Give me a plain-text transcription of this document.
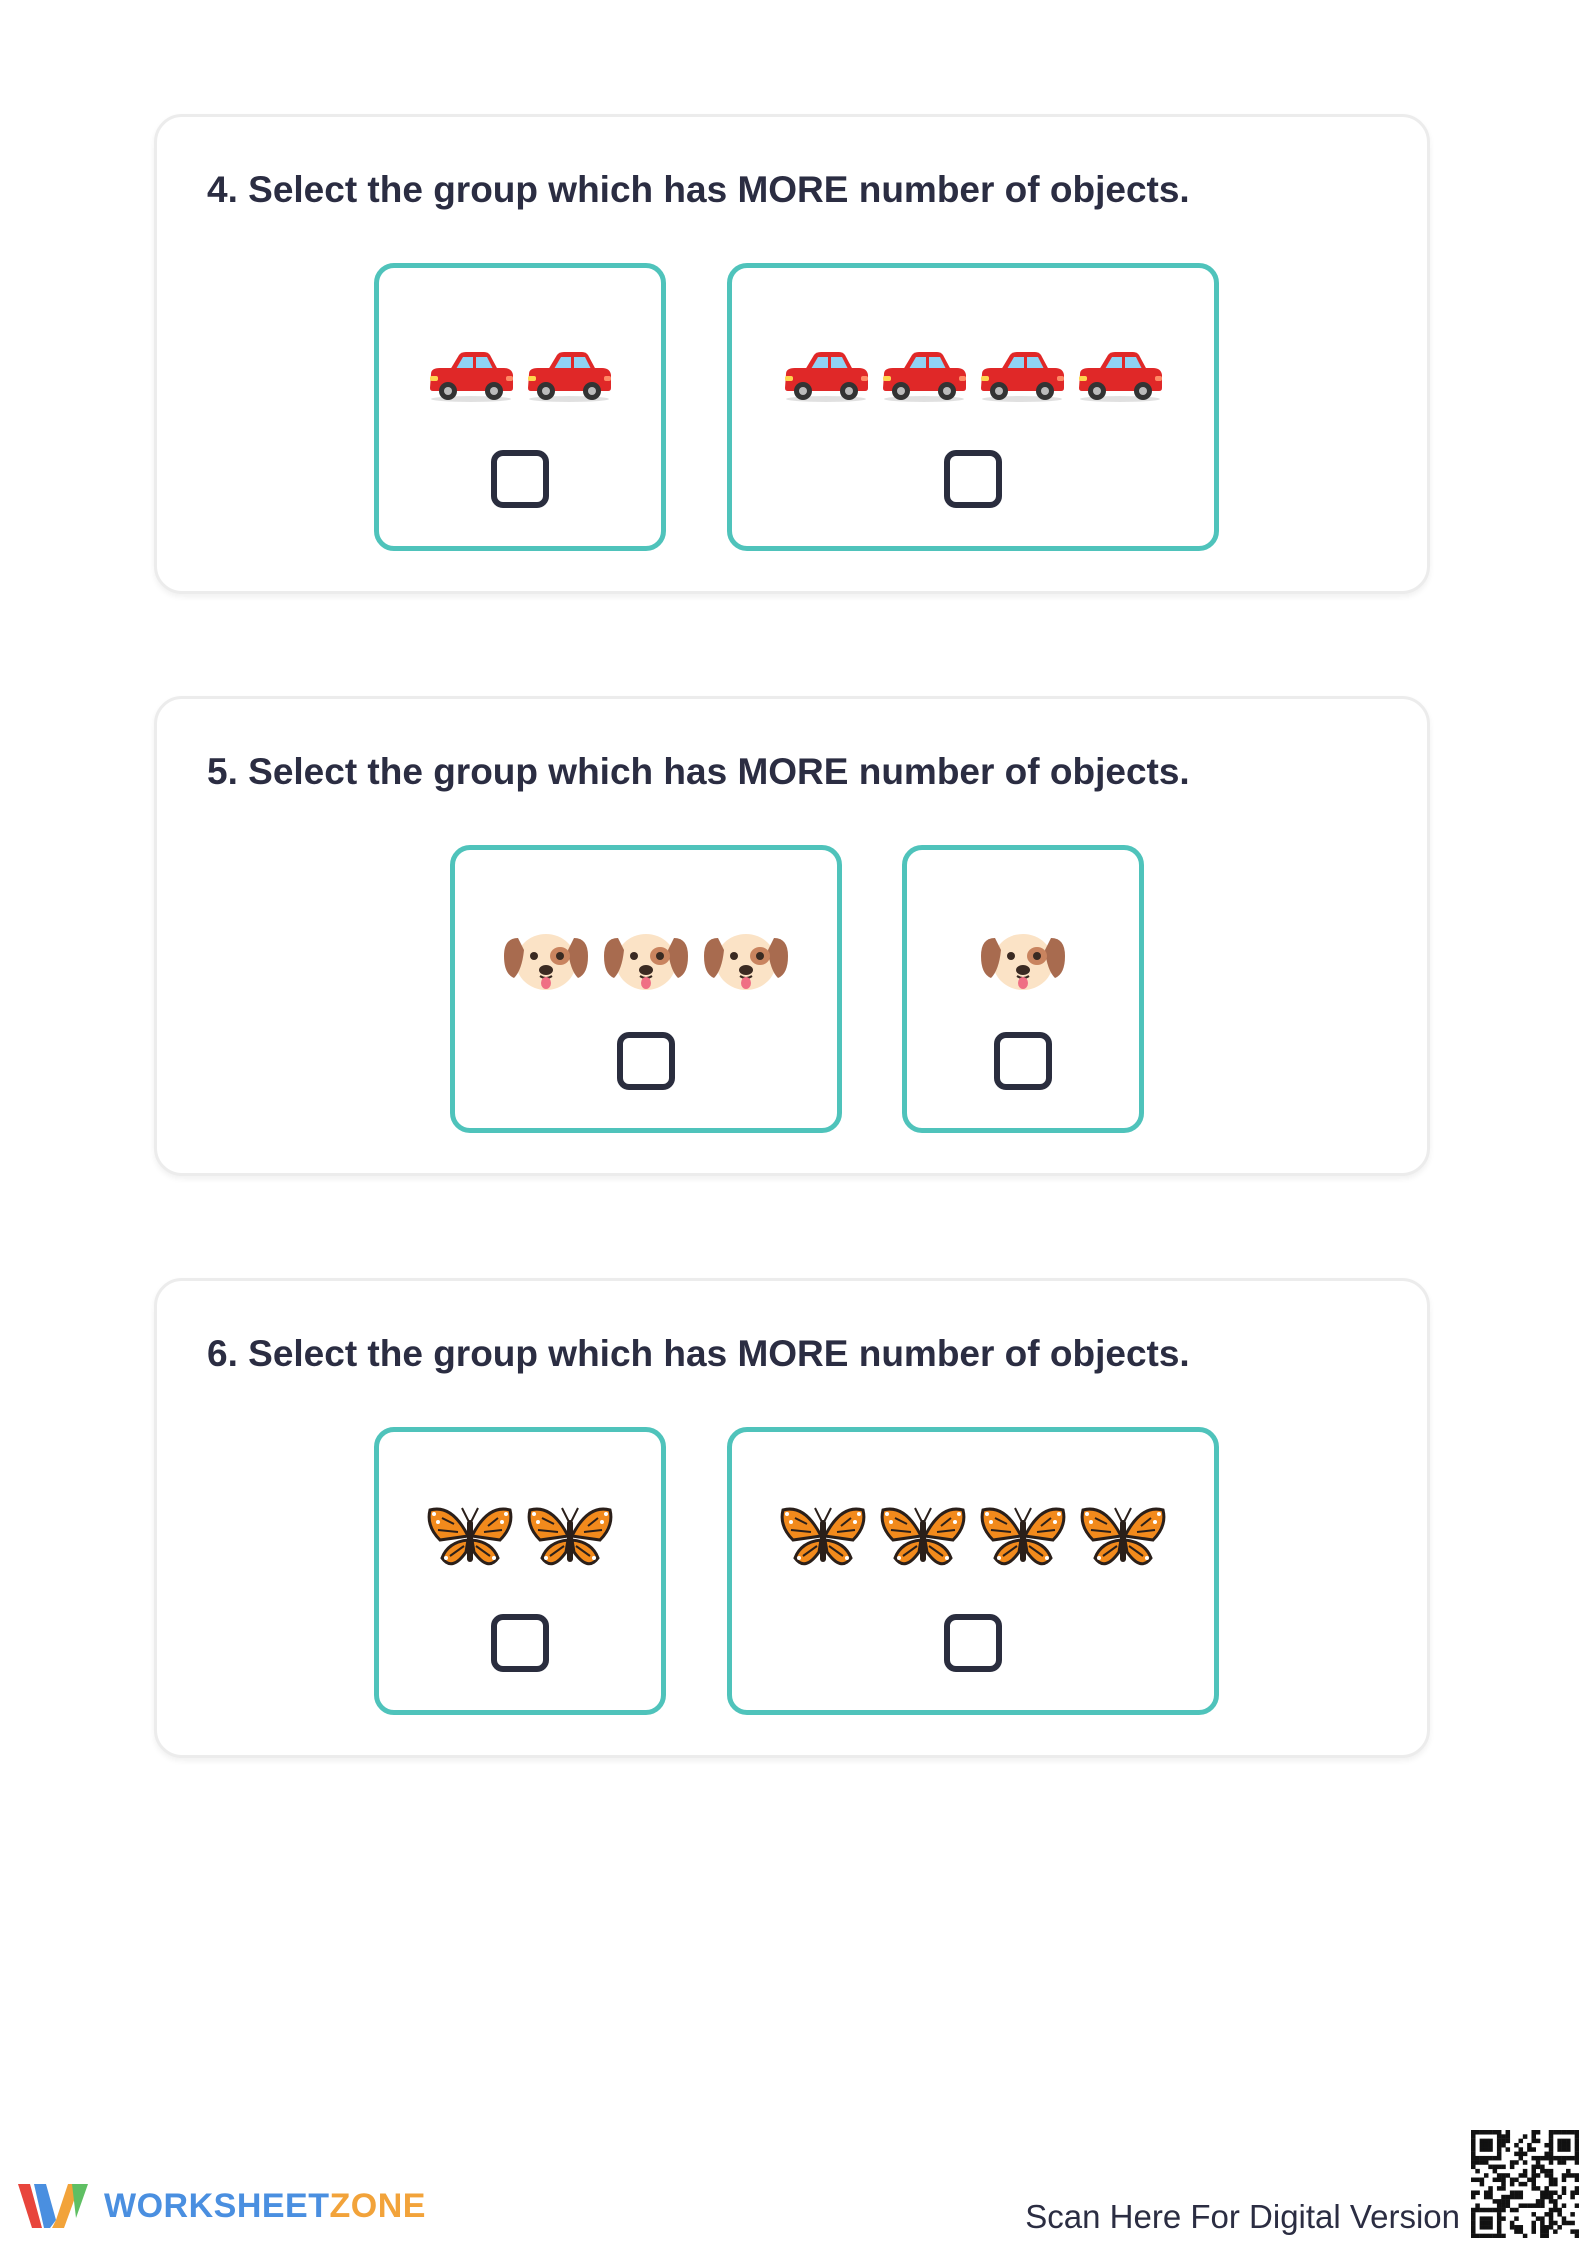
4. Select the group which has MORE number of objects.
5. Select the group which has MORE number of objects.
6. Select the group which has MORE number of objects.
WORKSHEETZONE	Scan Here For Digital Version
